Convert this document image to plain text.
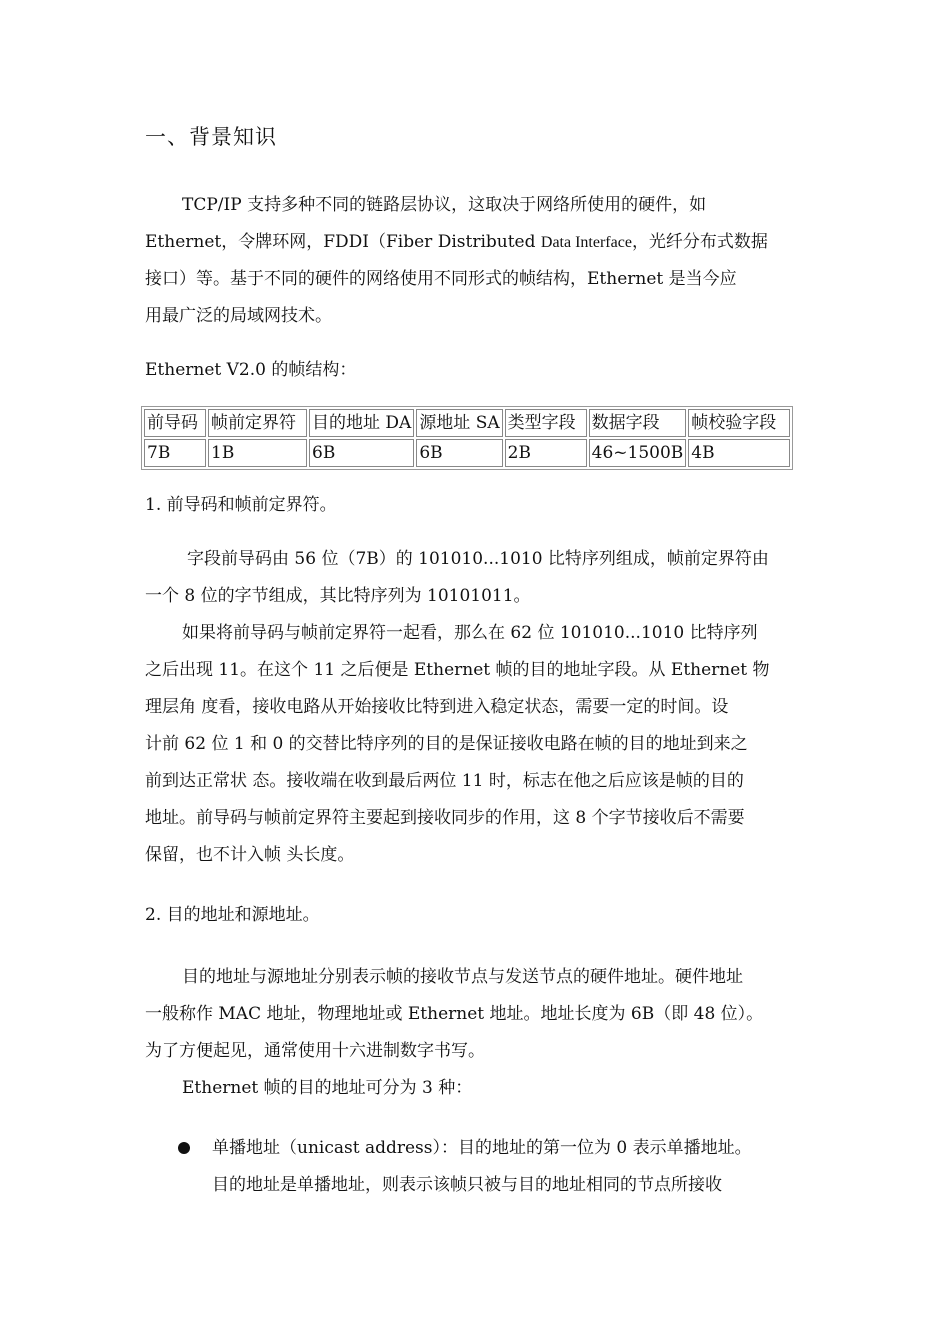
一、背景知识
TCP/IP 支持多种不同的链路层协议，这取决于网络所使用的硬件，如
Ethernet，令牌环网，FDDI（Fiber Distributed Data Interface，光纤分布式数据
接口）等。基于不同的硬件的网络使用不同形式的帧结构，Ethernet 是当今应
用最广泛的局域网技术。
Ethernet V2.0 的帧结构：
前导码	帧前定界符	目的地址 DA	源地址 SA	类型字段	数据字段	帧校验字段
7B	1B	6B	6B	2B	46~1500B	4B
1. 前导码和帧前定界符。
字段前导码由 56 位（7B）的 101010...1010 比特序列组成，帧前定界符由
一个 8 位的字节组成，其比特序列为 10101011。
如果将前导码与帧前定界符一起看，那么在 62 位 101010...1010 比特序列
之后出现 11。在这个 11 之后便是 Ethernet 帧的目的地址字段。从 Ethernet 物
理层角 度看，接收电路从开始接收比特到进入稳定状态，需要一定的时间。设
计前 62 位 1 和 0 的交替比特序列的目的是保证接收电路在帧的目的地址到来之
前到达正常状 态。接收端在收到最后两位 11 时，标志在他之后应该是帧的目的
地址。前导码与帧前定界符主要起到接收同步的作用，这 8 个字节接收后不需要
保留，也不计入帧 头长度。
2. 目的地址和源地址。
目的地址与源地址分别表示帧的接收节点与发送节点的硬件地址。硬件地址
一般称作 MAC 地址，物理地址或 Ethernet 地址。地址长度为 6B（即 48 位）。
为了方便起见，通常使用十六进制数字书写。
Ethernet 帧的目的地址可分为 3 种：
单播地址（unicast address）：目的地址的第一位为 0 表示单播地址。
目的地址是单播地址，则表示该帧只被与目的地址相同的节点所接收
